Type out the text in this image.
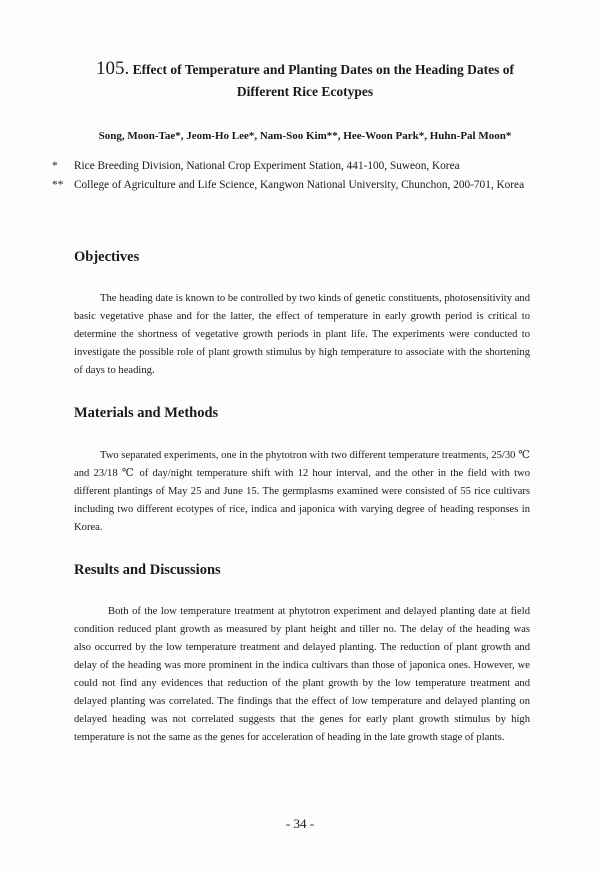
105. Effect of Temperature and Planting Dates on the Heading Dates of
Different Rice Ecotypes
Song, Moon-Tae*, Jeom-Ho Lee*, Nam-Soo Kim**, Hee-Woon Park*, Huhn-Pal Moon*
* Rice Breeding Division, National Crop Experiment Station, 441-100, Suweon, Korea
** College of Agriculture and Life Science, Kangwon National University, Chunchon, 200-701, Korea
Objectives
The heading date is known to be controlled by two kinds of genetic constituents, photosensitivity and basic vegetative phase and for the latter, the effect of temperature in early growth period is critical to determine the shortness of vegetative growth periods in plant life. The experiments were conducted to investigate the possible role of plant growth stimulus by high temperature to associate with the shortening of days to heading.
Materials and Methods
Two separated experiments, one in the phytotron with two different temperature treatments, 25/30 ℃ and 23/18 ℃ of day/night temperature shift with 12 hour interval, and the other in the field with two different plantings of May 25 and June 15. The germplasms examined were consisted of 55 rice cultivars including two different ecotypes of rice, indica and japonica with varying degree of heading responses in Korea.
Results and Discussions
Both of the low temperature treatment at phytotron experiment and delayed planting date at field condition reduced plant growth as measured by plant height and tiller no. The delay of the heading was also occurred by the low temperature treatment and delayed planting. The reduction of plant growth and delay of the heading was more prominent in the indica cultivars than those of japonica ones. However, we could not find any evidences that reduction of the plant growth by the low temperature treatment and delayed planting was correlated. The findings that the effect of low temperature and delayed planting on delayed heading was not correlated suggests that the genes for early plant growth stimulus by high temperature is not the same as the genes for acceleration of heading in the late growth stage of plants.
- 34 -
